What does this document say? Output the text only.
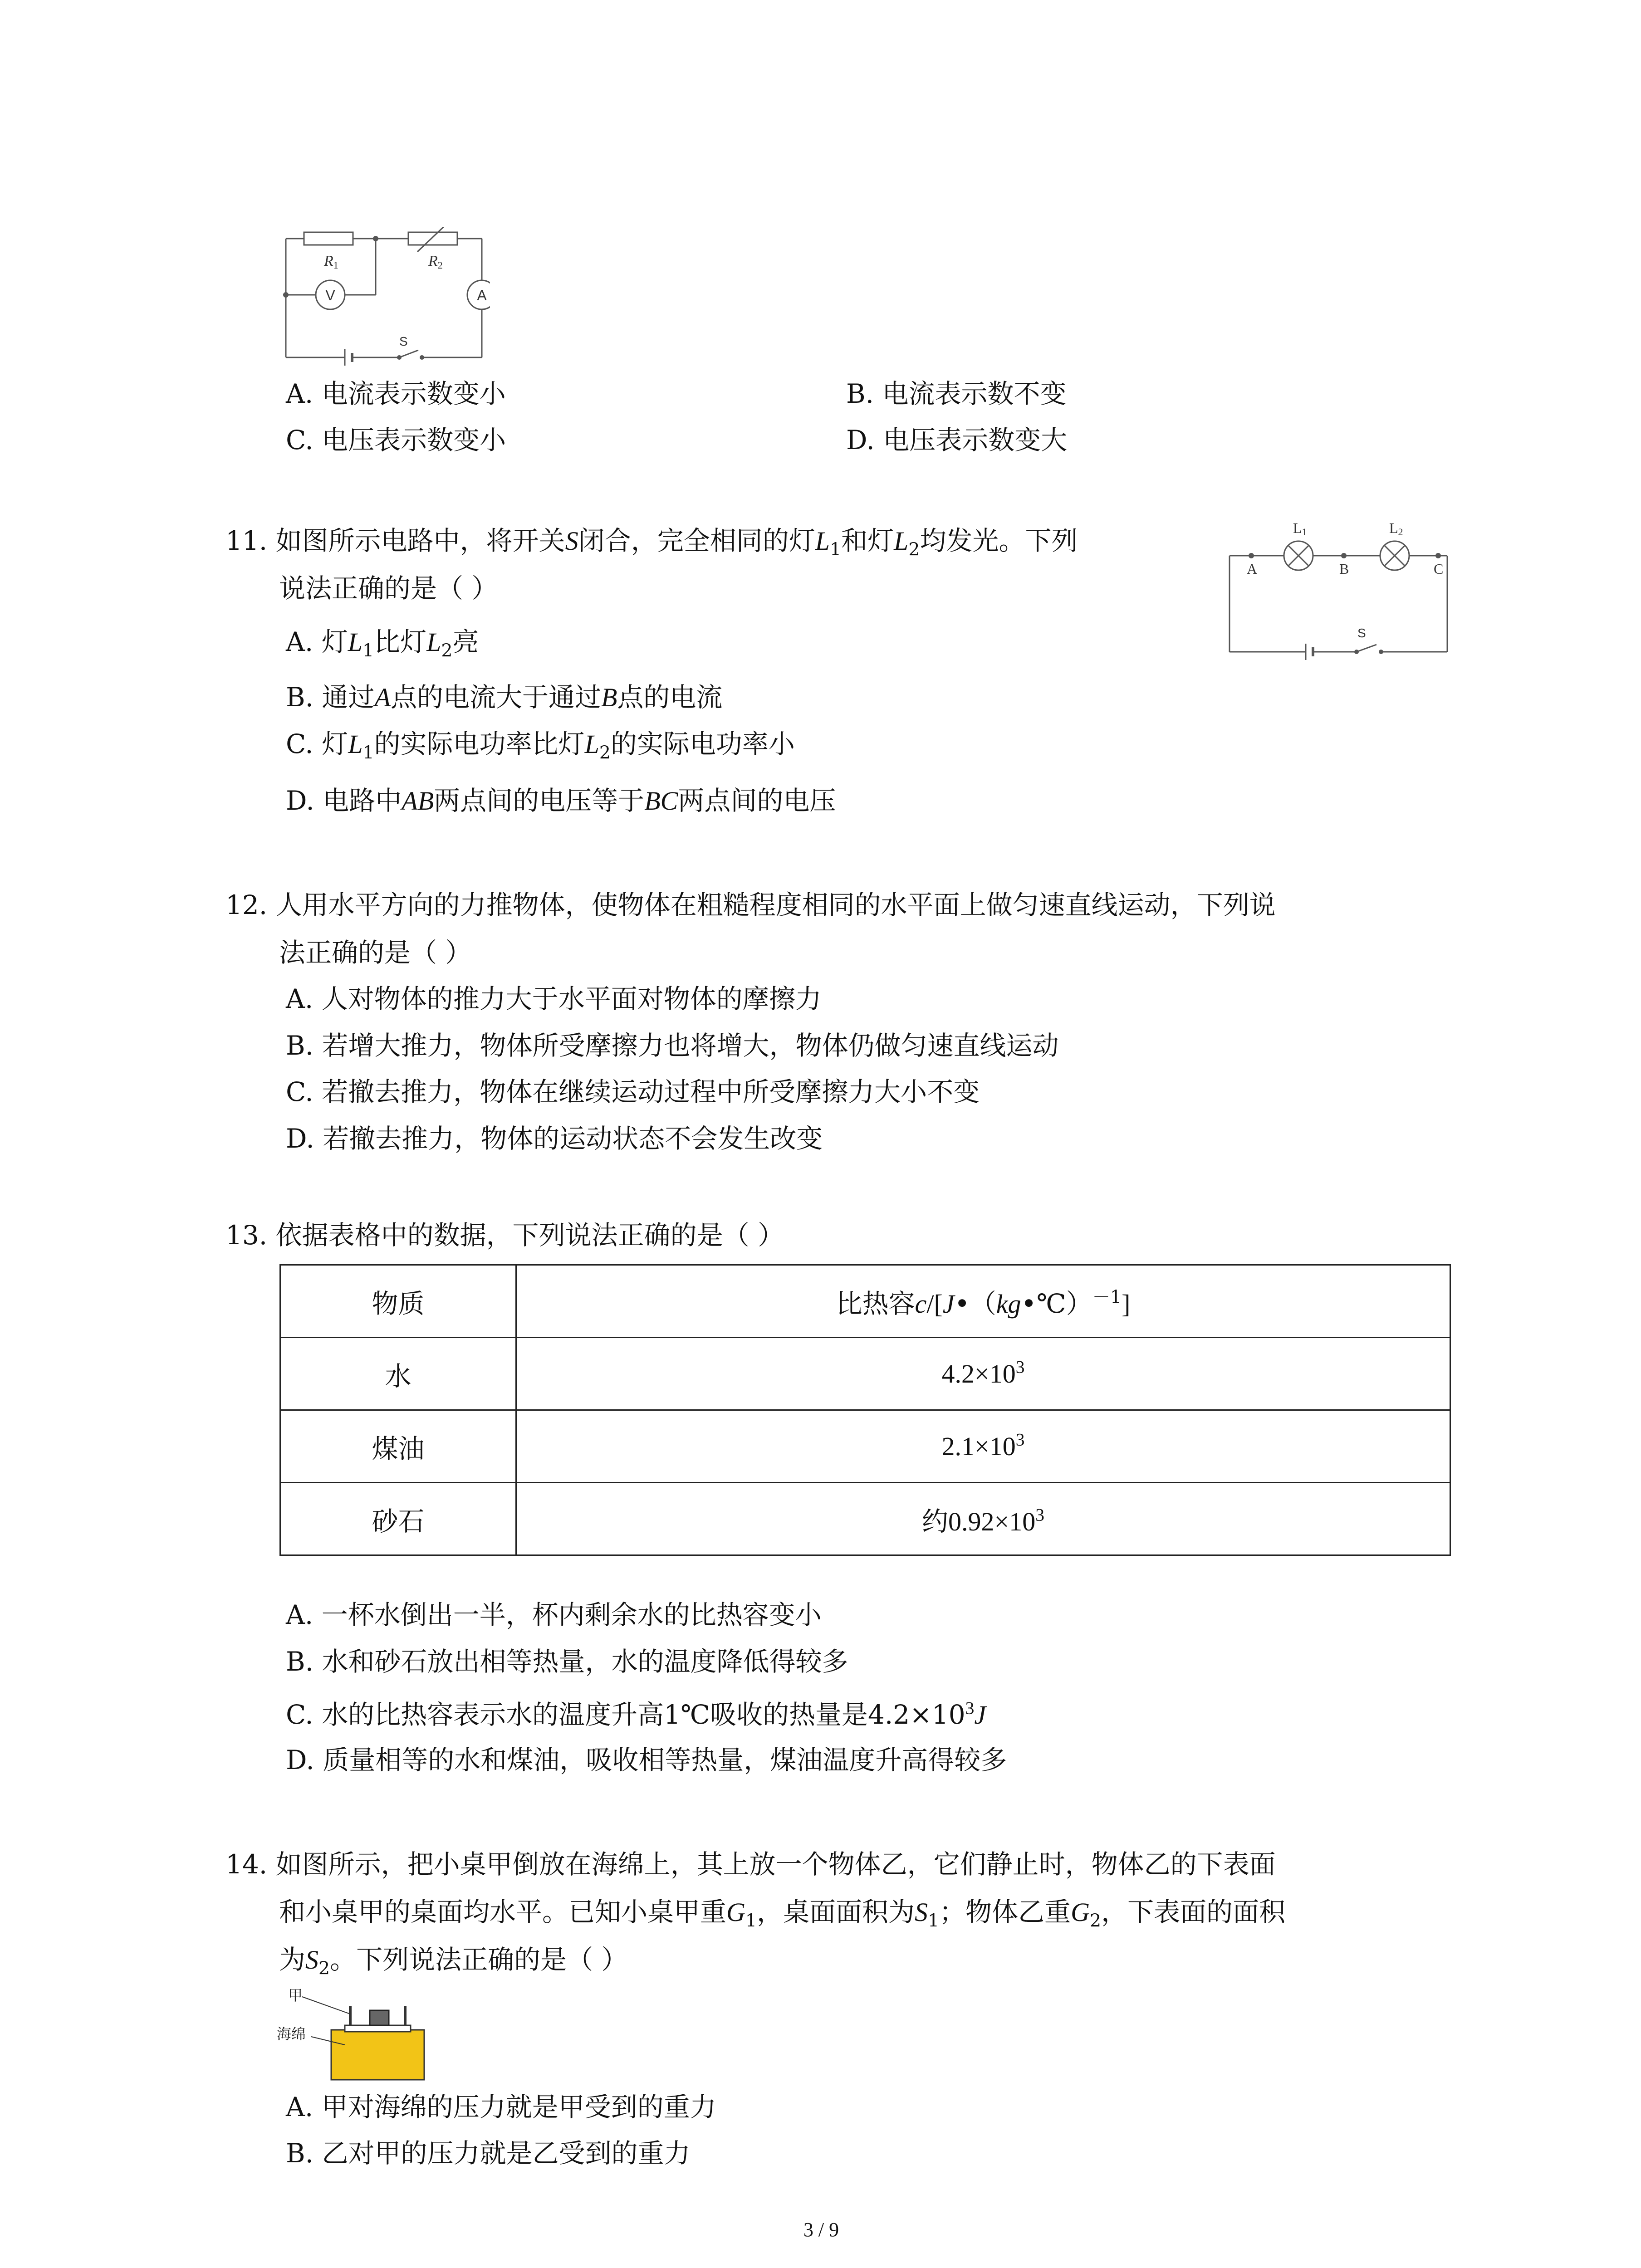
R1	R2
V	A
S
A. 电流表示数变小	B. 电流表示数不变
C. 电压表示数变小	D. 电压表示数变大
11. 如图所示电路中，将开关S闭合，完全相同的灯$L_1$和灯$L_2$均发光。下列
说法正确的是（ ）
A. 灯$L_1$比灯$L_2$亮
B. 通过A点的电流大于通过B点的电流
C. 灯$L_1$的实际电功率比灯$L_2$的实际电功率小
D. 电路中AB两点间的电压等于BC两点间的电压
L1	L2
A	B	C
S
12. 人用水平方向的力推物体，使物体在粗糙程度相同的水平面上做匀速直线运动，下列说
法正确的是（ ）
A. 人对物体的推力大于水平面对物体的摩擦力
B. 若增大推力，物体所受摩擦力也将增大，物体仍做匀速直线运动
C. 若撤去推力，物体在继续运动过程中所受摩擦力大小不变
D. 若撤去推力，物体的运动状态不会发生改变
13. 依据表格中的数据，下列说法正确的是（ ）
物质	比热容c/[J•（kg•℃）$^{-1}$]
水	$4.2\times 10^3$
煤油	$2.1\times 10^3$
砂石	约$0.92\times 10^3$
A. 一杯水倒出一半，杯内剩余水的比热容变小
B. 水和砂石放出相等热量，水的温度降低得较多
C. 水的比热容表示水的温度升高1℃吸收的热量是$4.2\times 10^3J$
D. 质量相等的水和煤油，吸收相等热量，煤油温度升高得较多
14. 如图所示，把小桌甲倒放在海绵上，其上放一个物体乙，它们静止时，物体乙的下表面
和小桌甲的桌面均水平。已知小桌甲重$G_1$，桌面面积为$S_1$；物体乙重$G_2$，下表面的面积
为$S_2$。下列说法正确的是（ ）
甲
海绵
A. 甲对海绵的压力就是甲受到的重力
B. 乙对甲的压力就是乙受到的重力
3 / 9
